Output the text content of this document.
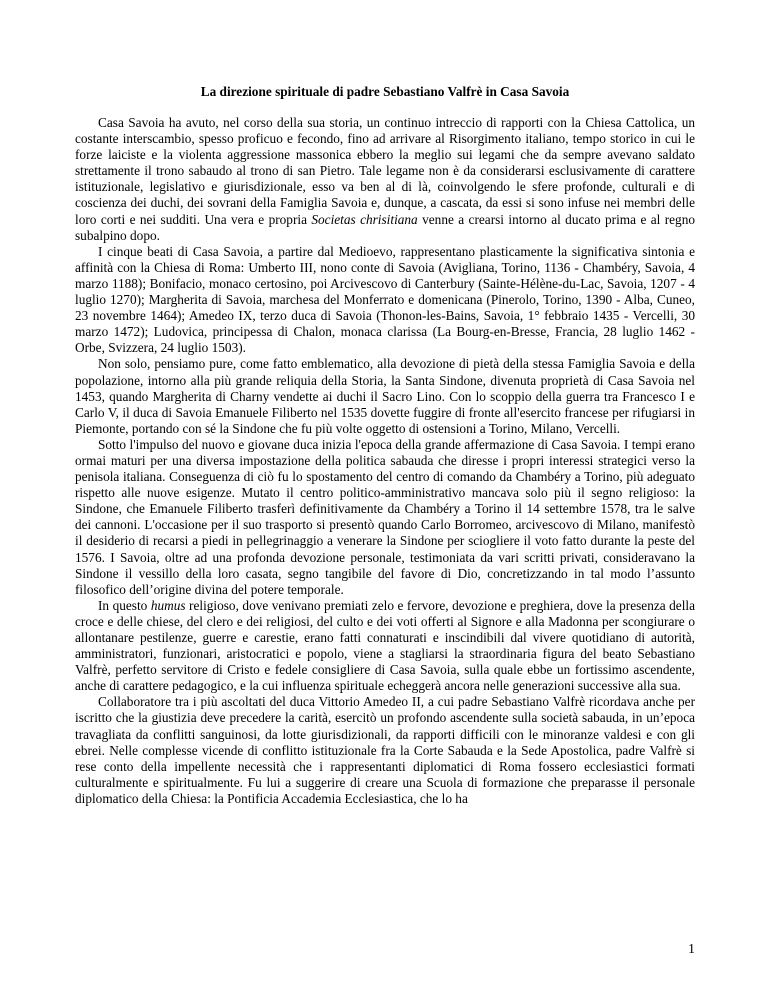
La direzione spirituale di padre Sebastiano Valfrè in Casa Savoia

Casa Savoia ha avuto, nel corso della sua storia, un continuo intreccio di rapporti con la Chiesa Cattolica, un costante interscambio, spesso proficuo e fecondo, fino ad arrivare al Risorgimento italiano, tempo storico in cui le forze laiciste e la violenta aggressione massonica ebbero la meglio sui legami che da sempre avevano saldato strettamente il trono sabaudo al trono di san Pietro. Tale legame non è da considerarsi esclusivamente di carattere istituzionale, legislativo e giurisdizionale, esso va ben al di là, coinvolgendo le sfere profonde, culturali e di coscienza dei duchi, dei sovrani della Famiglia Savoia e, dunque, a cascata, da essi si sono infuse nei membri delle loro corti e nei sudditi. Una vera e propria Societas chrisitiana venne a crearsi intorno al ducato prima e al regno subalpino dopo.

I cinque beati di Casa Savoia, a partire dal Medioevo, rappresentano plasticamente la significativa sintonia e affinità con la Chiesa di Roma: Umberto III, nono conte di Savoia (Avigliana, Torino, 1136 - Chambéry, Savoia, 4 marzo 1188); Bonifacio, monaco certosino, poi Arcivescovo di Canterbury (Sainte-Hélène-du-Lac, Savoia, 1207 - 4 luglio 1270); Margherita di Savoia, marchesa del Monferrato e domenicana (Pinerolo, Torino, 1390 - Alba, Cuneo, 23 novembre 1464); Amedeo IX, terzo duca di Savoia (Thonon-les-Bains, Savoia, 1° febbraio 1435 - Vercelli, 30 marzo 1472); Ludovica, principessa di Chalon, monaca clarissa (La Bourg-en-Bresse, Francia, 28 luglio 1462 - Orbe, Svizzera, 24 luglio 1503).

Non solo, pensiamo pure, come fatto emblematico, alla devozione di pietà della stessa Famiglia Savoia e della popolazione, intorno alla più grande reliquia della Storia, la Santa Sindone, divenuta proprietà di Casa Savoia nel 1453, quando Margherita di Charny vendette ai duchi il Sacro Lino. Con lo scoppio della guerra tra Francesco I e Carlo V, il duca di Savoia Emanuele Filiberto nel 1535 dovette fuggire di fronte all'esercito francese per rifugiarsi in Piemonte, portando con sé la Sindone che fu più volte oggetto di ostensioni a Torino, Milano, Vercelli.

Sotto l'impulso del nuovo e giovane duca inizia l'epoca della grande affermazione di Casa Savoia. I tempi erano ormai maturi per una diversa impostazione della politica sabauda che diresse i propri interessi strategici verso la penisola italiana. Conseguenza di ciò fu lo spostamento del centro di comando da Chambéry a Torino, più adeguato rispetto alle nuove esigenze. Mutato il centro politico-amministrativo mancava solo più il segno religioso: la Sindone, che Emanuele Filiberto trasferì definitivamente da Chambéry a Torino il 14 settembre 1578, tra le salve dei cannoni. L'occasione per il suo trasporto si presentò quando Carlo Borromeo, arcivescovo di Milano, manifestò il desiderio di recarsi a piedi in pellegrinaggio a venerare la Sindone per sciogliere il voto fatto durante la peste del 1576. I Savoia, oltre ad una profonda devozione personale, testimoniata da vari scritti privati, consideravano la Sindone il vessillo della loro casata, segno tangibile del favore di Dio, concretizzando in tal modo l’assunto filosofico dell’origine divina del potere temporale.

In questo humus religioso, dove venivano premiati zelo e fervore, devozione e preghiera, dove la presenza della croce e delle chiese, del clero e dei religiosi, del culto e dei voti offerti al Signore e alla Madonna per scongiurare o allontanare pestilenze, guerre e carestie, erano fatti connaturati e inscindibili dal vivere quotidiano di autorità, amministratori, funzionari, aristocratici e popolo, viene a stagliarsi la straordinaria figura del beato Sebastiano Valfrè, perfetto servitore di Cristo e fedele consigliere di Casa Savoia, sulla quale ebbe un fortissimo ascendente, anche di carattere pedagogico, e la cui influenza spirituale echeggerà ancora nelle generazioni successive alla sua.

Collaboratore tra i più ascoltati del duca Vittorio Amedeo II, a cui padre Sebastiano Valfrè ricordava anche per iscritto che la giustizia deve precedere la carità, esercitò un profondo ascendente sulla società sabauda, in un’epoca travagliata da conflitti sanguinosi, da lotte giurisdizionali, da rapporti difficili con le minoranze valdesi e con gli ebrei. Nelle complesse vicende di conflitto istituzionale fra la Corte Sabauda e la Sede Apostolica, padre Valfrè si rese conto della impellente necessità che i rappresentanti diplomatici di Roma fossero ecclesiastici formati culturalmente e spiritualmente. Fu lui a suggerire di creare una Scuola di formazione che preparasse il personale diplomatico della Chiesa: la Pontificia Accademia Ecclesiastica, che lo ha

1
